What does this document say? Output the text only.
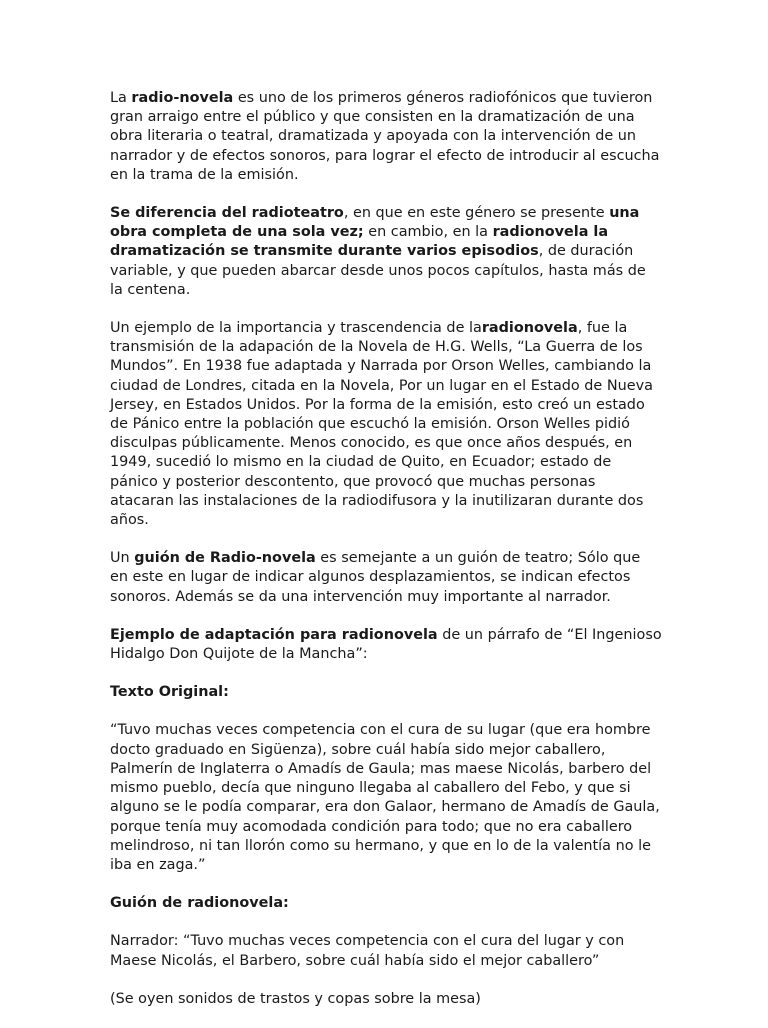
La radio-novela es uno de los primeros géneros radiofónicos que tuvieron gran arraigo entre el público y que consisten en la dramatización de una obra literaria o teatral, dramatizada y apoyada con la intervención de un narrador y de efectos sonoros, para lograr el efecto de introducir al escucha en la trama de la emisión.

Se diferencia del radioteatro, en que en este género se presente una obra completa de una sola vez; en cambio, en la radionovela la dramatización se transmite durante varios episodios, de duración variable, y que pueden abarcar desde unos pocos capítulos, hasta más de la centena.

Un ejemplo de la importancia y trascendencia de laradionovela, fue la transmisión de la adapación de la Novela de H.G. Wells, “La Guerra de los Mundos”. En 1938 fue adaptada y Narrada por Orson Welles, cambiando la ciudad de Londres, citada en la Novela, Por un lugar en el Estado de Nueva Jersey, en Estados Unidos. Por la forma de la emisión, esto creó un estado de Pánico entre la población que escuchó la emisión. Orson Welles pidió disculpas públicamente. Menos conocido, es que once años después, en 1949, sucedió lo mismo en la ciudad de Quito, en Ecuador; estado de pánico y posterior descontento, que provocó que muchas personas atacaran las instalaciones de la radiodifusora y la inutilizaran durante dos años.

Un guión de Radio-novela es semejante a un guión de teatro; Sólo que en este en lugar de indicar algunos desplazamientos, se indican efectos sonoros. Además se da una intervención muy importante al narrador.

Ejemplo de adaptación para radionovela de un párrafo de “El Ingenioso Hidalgo Don Quijote de la Mancha”:

Texto Original:

“Tuvo muchas veces competencia con el cura de su lugar (que era hombre docto graduado en Sigüenza), sobre cuál había sido mejor caballero, Palmerín de Inglaterra o Amadís de Gaula; mas maese Nicolás, barbero del mismo pueblo, decía que ninguno llegaba al caballero del Febo, y que si alguno se le podía comparar, era don Galaor, hermano de Amadís de Gaula, porque tenía muy acomodada condición para todo; que no era caballero melindroso, ni tan llorón como su hermano, y que en lo de la valentía no le iba en zaga.”

Guión de radionovela:

Narrador: “Tuvo muchas veces competencia con el cura del lugar y con Maese Nicolás, el Barbero, sobre cuál había sido el mejor caballero”

(Se oyen sonidos de trastos y copas sobre la mesa)
